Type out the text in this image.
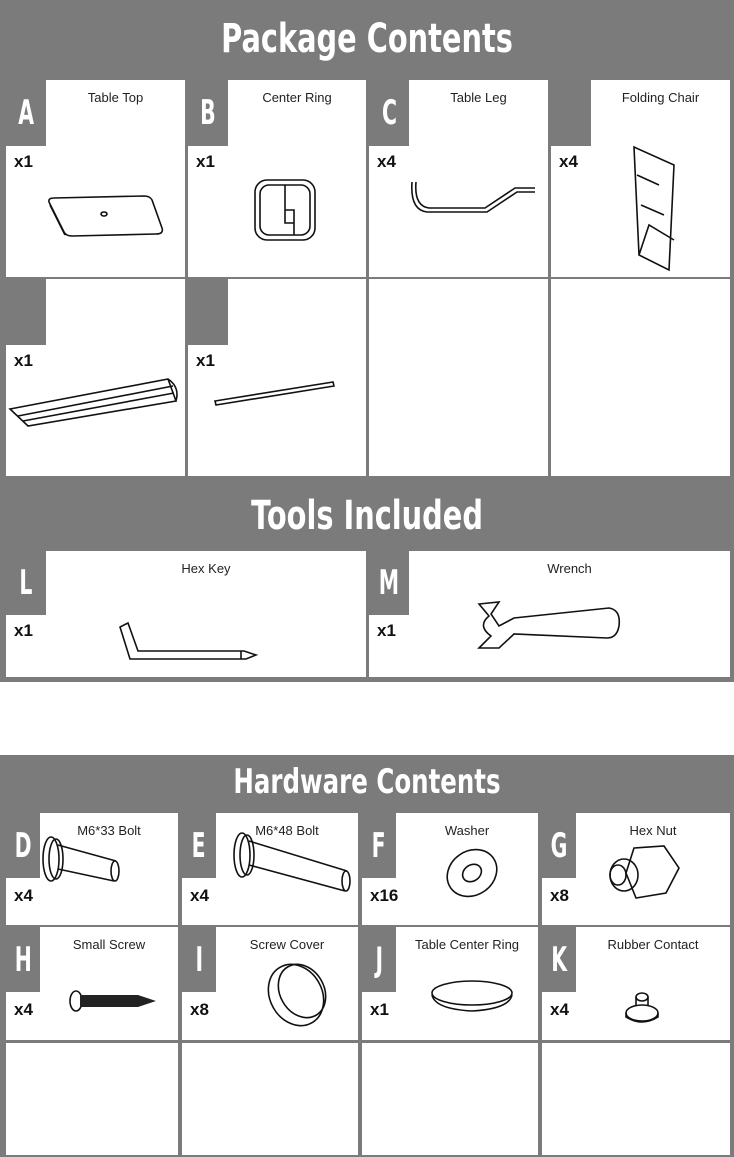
Package Contents
Tools Included
Hardware Contents
A	Table Top
x1
B	Center Ring
x1
C	Table Leg
x4
Folding Chair
x4
x1	x1
L	Hex Key
x1
M	Wrench
x1
D	M6*33 Bolt
x4
E	M6*48 Bolt
x4
F	Washer
x16
G	Hex Nut
x8
H	Small Screw
x4
I	Screw Cover
x8
J	Table Center Ring
x1
K	Rubber Contact
x4
